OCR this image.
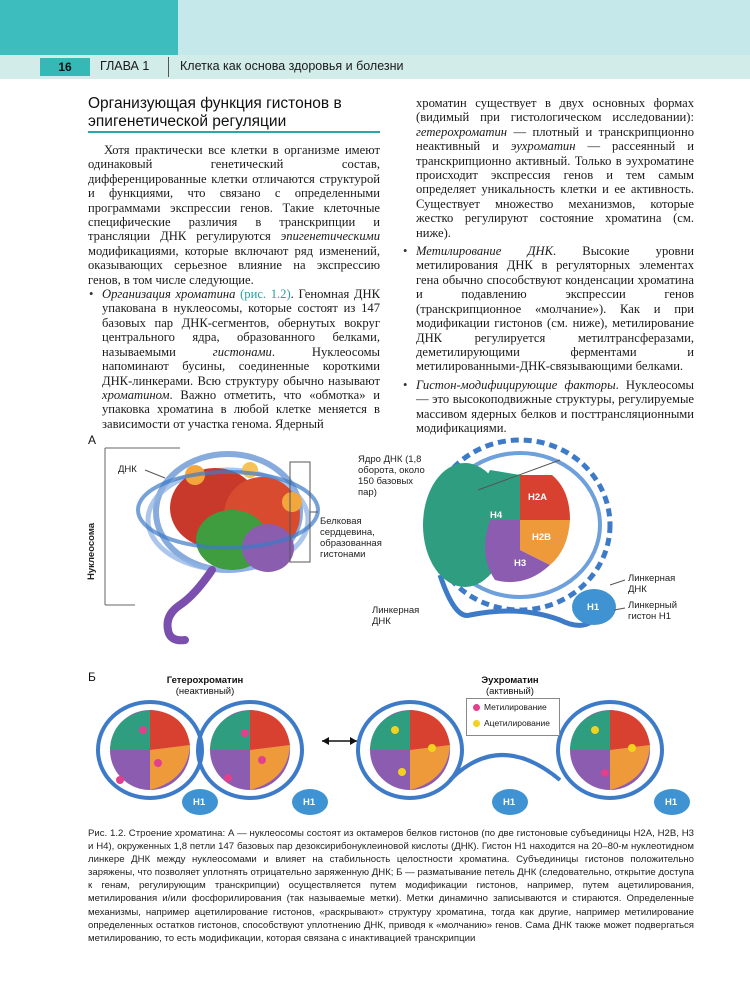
16	ГЛАВА 1 Клетка как основа здоровья и болезни
Организующая функция гистонов в эпигенетической регуляции

Хотя практически все клетки в организме имеют одинаковый генетический состав, дифференцированные клетки отличаются структурой и функциями, что связано с определенными программами экспрессии генов. Такие клеточные специфические различия в транскрипции и трансляции ДНК регулируются эпигенетическими модификациями, которые включают ряд изменений, оказывающих серьезное влияние на экспрессию генов, в том числе следующие.

• Организация хроматина (рис. 1.2). Геномная ДНК упакована в нуклеосомы, которые состоят из 147 базовых пар ДНК-сегментов, обернутых вокруг центрального ядра, образованного белками, называемыми гистонами. Нуклеосомы напоминают бусины, соединенные короткими ДНК-линкерами. Всю структуру обычно называют хроматином. Важно отметить, что «обмотка» и упаковка хроматина в любой клетке меняется в зависимости от участка генома. Ядерный
хроматин существует в двух основных формах (видимый при гистологическом исследовании): гетерохроматин — плотный и транскрипционно неактивный и эухроматин — рассеянный и транскрипционно активный. Только в эухроматине происходит экспрессия генов и тем самым определяет уникальность клетки и ее активность. Существует множество механизмов, которые жестко регулируют состояние хроматина (см. ниже).
• Метилирование ДНК. Высокие уровни метилирования ДНК в регуляторных элементах гена обычно способствуют конденсации хроматина и подавлению экспрессии генов (транскрипционное «молчание»). Как и при модификации гистонов (см. ниже), метилирование ДНК регулируется метилтрансферазами, деметилирующими ферментами и метилированными-ДНК-связывающими белками.
• Гистон-модифицирующие факторы. Нуклеосомы — это высокоподвижные структуры, регулируемые массивом ядерных белков и посттрансляционными модификациями.
А
Б
ДНК
Нуклеосома
Белковая сердцевина, образованная гистонами
Ядро ДНК (1,8 оборота, около 150 базовых пар)
Линкерная ДНК
Линкерная ДНК
Линкерный гистон H1
H4
H2A
H2B
H3
H1
H1	H1	H1	H1
Гетерохроматин
(неактивный)
Эухроматин
(активный)
Метилирование
Ацетилирование
Рис. 1.2. Строение хроматина: А — нуклеосомы состоят из октамеров белков гистонов (по две гистоновые субъединицы H2A, H2B, H3 и H4), окруженных 1,8 петли 147 базовых пар дезоксирибонуклеиновой кислоты (ДНК). Гистон H1 находится на 20–80-м нуклеотидном линкере ДНК между нуклеосомами и влияет на стабильность целостности хроматина. Субъединицы гистонов положительно заряжены, что позволяет уплотнять отрицательно заряженную ДНК; Б — разматывание петель ДНК (следовательно, открытие доступа к генам, регулирующим транскрипции) осуществляется путем модификации гистонов, например, путем ацетилирования, метилирования и/или фосфорилирования (так называемые метки). Метки динамично записываются и стираются. Определенные механизмы, например ацетилирование гистонов, «раскрывают» структуру хроматина, тогда как другие, например метилирование определенных остатков гистонов, способствуют уплотнению ДНК, приводя к «молчанию» генов. Сама ДНК также может подвергаться метилированию, то есть модификации, которая связана с инактивацией транскрипции
